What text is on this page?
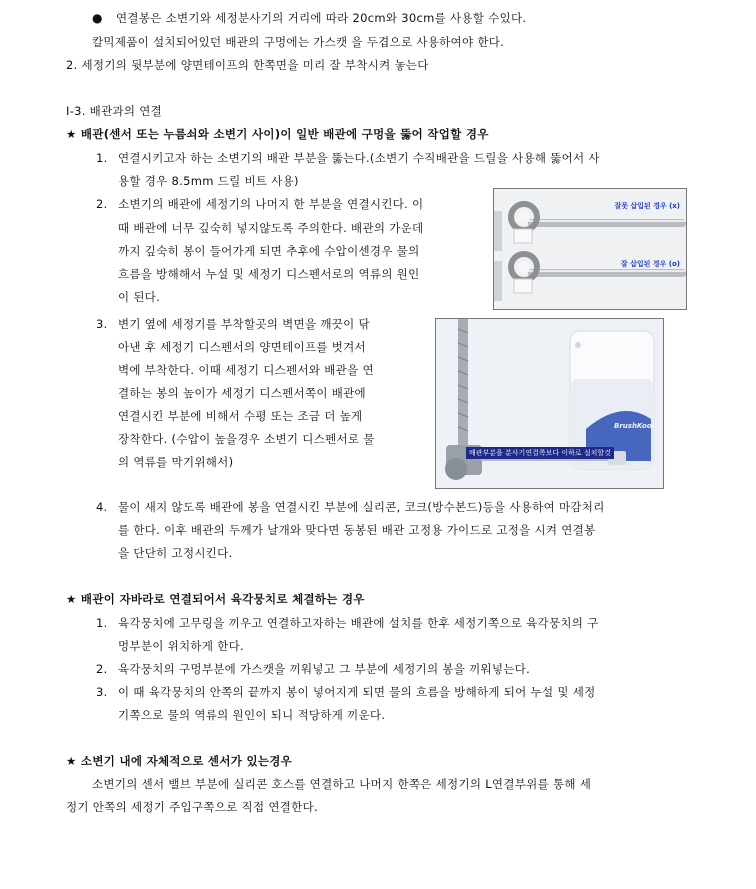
● 연결봉은 소변기와 세정분사기의 거리에 따라 20cm와 30cm를 사용할 수있다.
칼믹제품이 설치되어있던 배관의 구멍에는 가스캣 을 두겹으로 사용하여야 한다.
2. 세정기의 뒷부분에 양면테이프의 한쪽면을 미리 잘 부착시켜 놓는다
I-3. 배관과의 연결
★ 배관(센서 또는 누름쇠와 소변기 사이)이 일반 배관에 구멍을 뚫어 작업할 경우
1. 연결시키고자 하는 소변기의 배관 부분을 뚫는다.(소변기 수직배관을 드릴을 사용해 뚫어서 사
용할 경우 8.5mm 드릴 비트 사용)
2. 소변기의 배관에 세정기의 나머지 한 부분을 연결시킨다. 이
때 배관에 너무 깊숙히 넣지않도록 주의한다. 배관의 가운데
까지 깊숙히 봉이 들어가게 되면 추후에 수압이센경우 물의
흐름을 방해해서 누설 및 세정기 디스펜서로의 역류의 원인
이 된다.
잘못 삽입된 경우 (x)
잘 삽입된 경우 (o)
3. 변기 옆에 세정기를 부착할곳의 벽면을 깨끗이 닦
아낸 후 세정기 디스펜서의 양면테이프를 벗겨서
벽에 부착한다. 이때 세정기 디스펜서와 배관을 연
결하는 봉의 높이가 세정기 디스펜서쪽이 배관에
연결시킨 부분에 비해서 수평 또는 조금 더 높게
장착한다. (수압이 높을경우 소변기 디스펜서로 물
의 역류를 막기위해서)
BrushKool
배관부분을 분사기연결쪽보다 이하로 설치할것
4. 물이 새지 않도록 배관에 봉을 연결시킨 부분에 실리콘, 코크(방수본드)등을 사용하여 마감처리
를 한다. 이후 배관의 두께가 날개와 맞다면 동봉된 배관 고정용 가이드로 고정을 시켜 연결봉
을 단단히 고정시킨다.
★ 배관이 자바라로 연결되어서 육각뭉치로 체결하는 경우
1. 육각뭉치에 고무링을 끼우고 연결하고자하는 배관에 설치를 한후 세정기쪽으로 육각뭉치의 구
멍부분이 위치하게 한다.
2. 육각뭉치의 구멍부분에 가스캣을 끼워넣고 그 부분에 세정기의 봉을 끼워넣는다.
3. 이 때 육각뭉치의 안쪽의 끝까지 봉이 넣어지게 되면 물의 흐름을 방해하게 되어 누설 및 세정
기쪽으로 물의 역류의 원인이 되니 적당하게 끼운다.
★ 소변기 내에 자체적으로 센서가 있는경우
소변기의 센서 밸브 부분에 실리콘 호스를 연결하고 나머지 한쪽은 세정기의 L연결부위를 통해 세
정기 안쪽의 세정기 주입구쪽으로 직접 연결한다.
